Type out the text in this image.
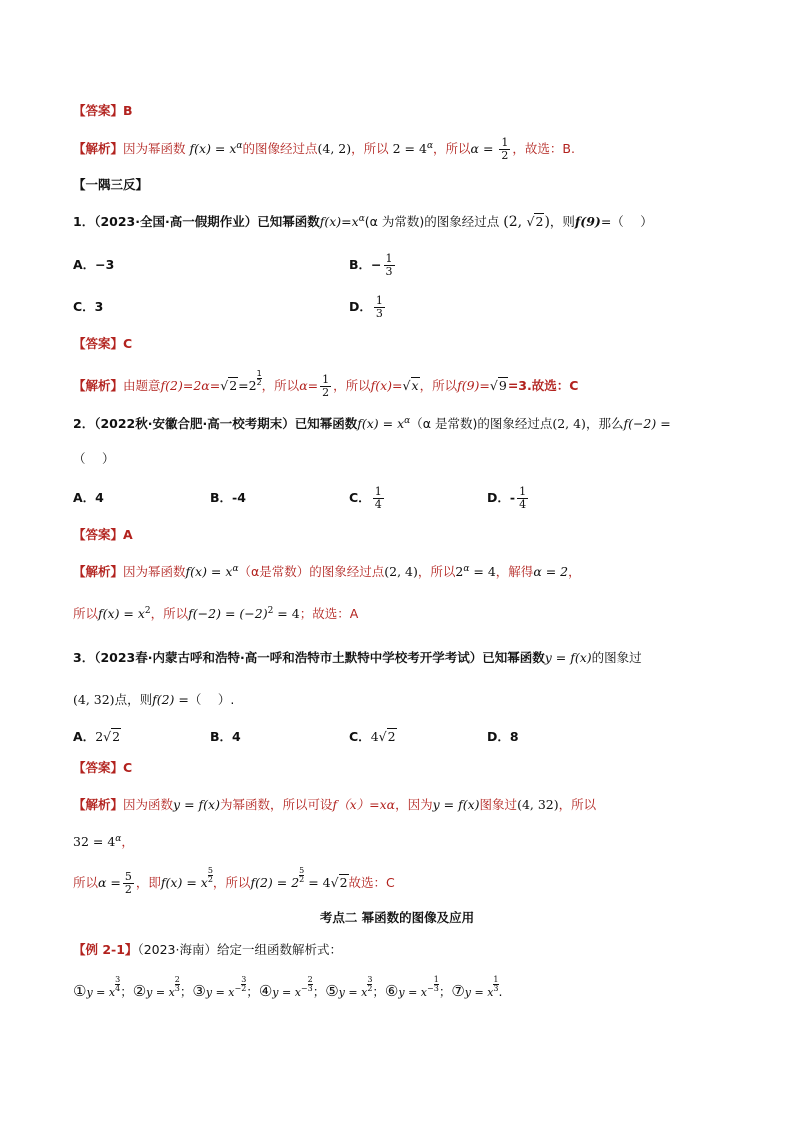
【答案】B
【解析】因为幂函数 $f(x) = x^\alpha$的图像经过点(4, 2)，所以 $2 = 4^\alpha$，所以$\alpha = \frac{1}{2}$ ，故选：B.
【一隅三反】
1．（2023·全国·高一假期作业）已知幂函数$f(x)=x^\alpha(\alpha$ 为常数)的图象经过点 (2, √2)，则f(9)=（　 ）
A．−3	B．− $\frac{1}{3}$
C．3	D． $\frac{1}{3}$
【答案】C
【解析】由题意$f(2)=2\alpha=√2=2 \frac{1}{2}$ ，所以$\alpha= \frac{1}{2}$ ，所以f(x)=√x，所以f(9)=√9=3.故选：C
2．（2022秋·安徽合肥·高一校考期末）已知幂函数$f(x) = x^\alpha(\alpha$ 是常数)的图象经过点(2, 4)，那么f(−2) =
（　 ）
A．4	B．-4	C． $\frac{1}{4}$	D．- $\frac{1}{4}$
【答案】A
【解析】因为幂函数$f(x) = x^\alpha(\alpha$是常数）的图象经过点(2, 4)，所以$2^\alpha = 4$，解得α = 2，
所以$f(x) = x^2$，所以$f(-2) = (-2)^2 = 4$；故选：A
3．（2023春·内蒙古呼和浩特·高一呼和浩特市土默特中学校考开学考试）已知幂函数y = f(x)的图象过
(4, 32)点，则f(2) =（　 ）.
A．2√2	B．4	C．4√2	D．8
【答案】C
【解析】因为函数y = f(x)为幂函数，所以可设f（x）=xα，因为y = f(x)图象过(4, 32)，所以
$32 = 4^\alpha$，
所以$\alpha = \frac{5}{2}$ ，即f(x) = x $\frac{5}{2}$ ，所以$f(2) = 2 \frac{5}{2} = 4√2$故选：C
考点二 幂函数的图像及应用
【例 2-1】（2023·海南）给定一组函数解析式：
①y = x $\frac{3}{4}$ ；②y = x $\frac{2}{3}$ ；③y = $x^- \frac{3}{2}$ ；④y = $x^- \frac{2}{3}$ ；⑤y = x $\frac{3}{2}$ ；⑥y = $x^- \frac{1}{3}$ ；⑦y = x $\frac{1}{3}$ .
